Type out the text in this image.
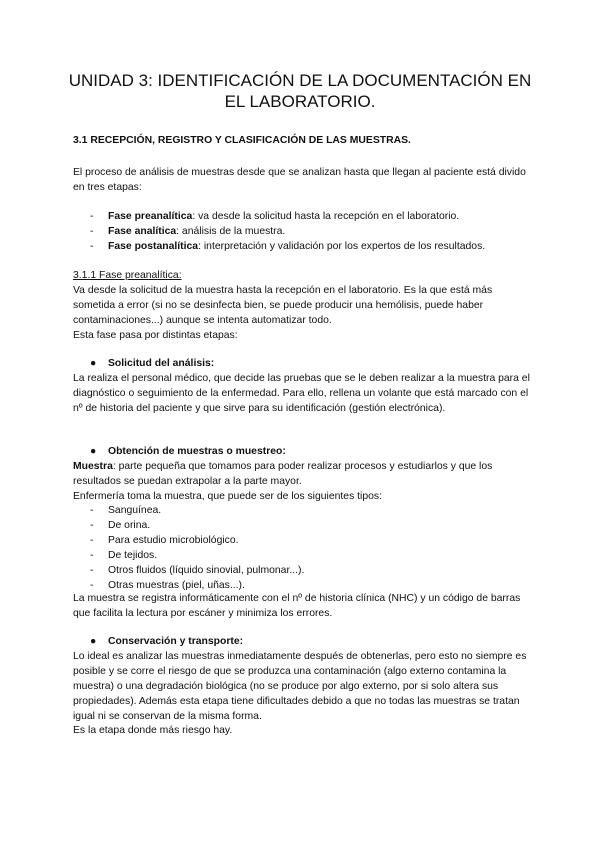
UNIDAD 3: IDENTIFICACIÓN DE LA DOCUMENTACIÓN EN
EL LABORATORIO.
3.1 RECEPCIÓN, REGISTRO Y CLASIFICACIÓN DE LAS MUESTRAS.

El proceso de análisis de muestras desde que se analizan hasta que llegan al paciente está divido en tres etapas:

- Fase preanalítica: va desde la solicitud hasta la recepción en el laboratorio.
- Fase analítica: análisis de la muestra.
- Fase postanalítica: interpretación y validación por los expertos de los resultados.
3.1.1 Fase preanalítica:

Va desde la solicitud de la muestra hasta la recepción en el laboratorio. Es la que está más sometida a error (si no se desinfecta bien, se puede producir una hemólisis, puede haber contaminaciones...) aunque se intenta automatizar todo.

Esta fase pasa por distintas etapas:

● Solicitud del análisis:

La realiza el personal médico, que decide las pruebas que se le deben realizar a la muestra para el diagnóstico o seguimiento de la enfermedad. Para ello, rellena un volante que está marcado con el nº de historia del paciente y que sirve para su identificación (gestión electrónica).

● Obtención de muestras o muestreo:

Muestra: parte pequeña que tomamos para poder realizar procesos y estudiarlos y que los resultados se puedan extrapolar a la parte mayor.

Enfermería toma la muestra, que puede ser de los siguientes tipos:

- Sanguínea.
- De orina.
- Para estudio microbiológico.
- De tejidos.
- Otros fluidos (líquido sinovial, pulmonar...).
- Otras muestras (piel, uñas...).

La muestra se registra informáticamente con el nº de historia clínica (NHC) y un código de barras que facilita la lectura por escáner y minimiza los errores.

● Conservación y transporte:

Lo ideal es analizar las muestras inmediatamente después de obtenerlas, pero esto no siempre es posible y se corre el riesgo de que se produzca una contaminación (algo externo contamina la muestra) o una degradación biológica (no se produce por algo externo, por si solo altera sus propiedades). Además esta etapa tiene dificultades debido a que no todas las muestras se tratan igual ni se conservan de la misma forma.

Es la etapa donde más riesgo hay.
